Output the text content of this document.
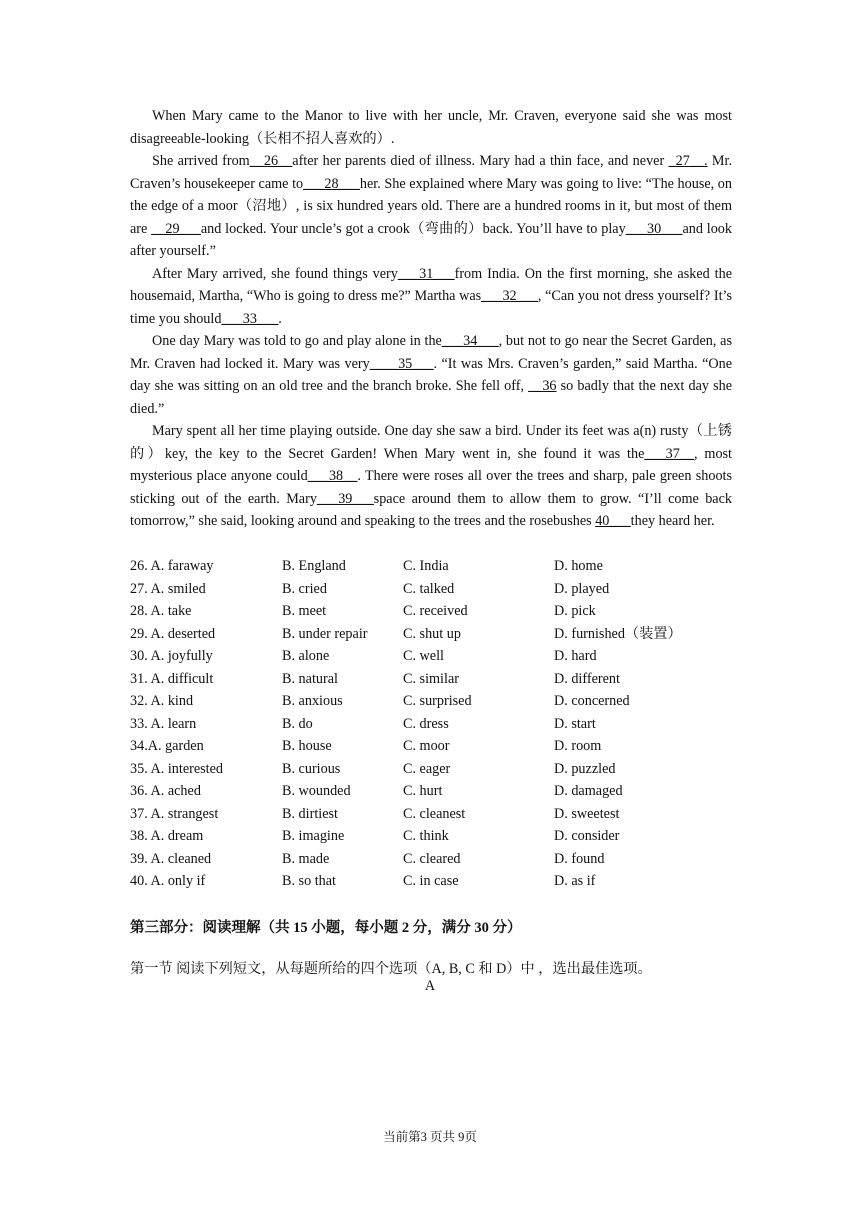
When Mary came to the Manor to live with her uncle, Mr. Craven, everyone said she was most disagreeable-looking（长相不招人喜欢的）.

She arrived from__26__after her parents died of illness. Mary had a thin face, and never _27__. Mr. Craven’s housekeeper came to___28___her. She explained where Mary was going to live: “The house, on the edge of a moor（沼地）, is six hundred years old. There are a hundred rooms in it, but most of them are __29___and locked. Your uncle’s got a crook（弯曲的）back. You’ll have to play___30___and look after yourself.”

After Mary arrived, she found things very___31___from India. On the first morning, she asked the housemaid, Martha, “Who is going to dress me?” Martha was___32___, “Can you not dress yourself? It’s time you should___33___.

One day Mary was told to go and play alone in the___34___, but not to go near the Secret Garden, as Mr. Craven had locked it. Mary was very____35___. “It was Mrs. Craven’s garden,” said Martha. “One day she was sitting on an old tree and the branch broke. She fell off, __36 so badly that the next day she died.”

Mary spent all her time playing outside. One day she saw a bird. Under its feet was a(n) rusty（上锈的）key, the key to the Secret Garden! When Mary went in, she found it was the___37__, most mysterious place anyone could___38__. There were roses all over the trees and sharp, pale green shoots sticking out of the earth. Mary___39___space around them to allow them to grow. “I’ll come back tomorrow,” she said, looking around and speaking to the trees and the rosebushes 40___they heard her.

26. A. faraway	B. England	C. India	D. home
27. A. smiled	B. cried	C. talked	D. played
28. A. take	B. meet	C. received	D. pick
29. A. deserted	B. under repair	C. shut up	D. furnished（装置）
30. A. joyfully	B. alone	C. well	D. hard
31. A. difficult	B. natural	C. similar	D. different
32. A. kind	B. anxious	C. surprised	D. concerned
33. A. learn	B. do	C. dress	D. start
34.A. garden	B. house	C. moor	D. room
35. A. interested	B. curious	C. eager	D. puzzled
36. A. ached	B. wounded	C. hurt	D. damaged
37. A. strangest	B. dirtiest	C. cleanest	D. sweetest
38. A. dream	B. imagine	C. think	D. consider
39. A. cleaned	B. made	C. cleared	D. found
40. A. only if	B. so that	C. in case	D. as if
第三部分：阅读理解（共 15 小题，每小题 2 分，满分 30 分）
第一节 阅读下列短文，从每题所给的四个选项（A, B, C 和 D）中 ，选出最佳选项。
A
当前第3 页共 9页
